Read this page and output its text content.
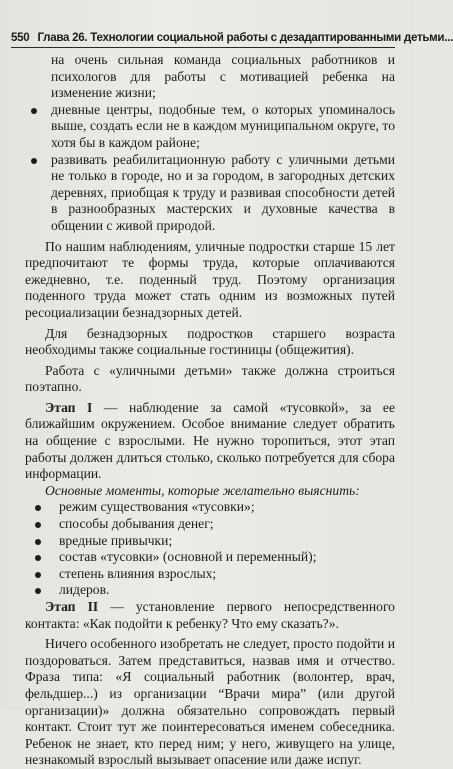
550 Глава 26. Технологии социальной работы с дезадаптированными детьми...
на очень сильная команда социальных работников и психологов для работы с мотивацией ребенка на изменение жизни;
дневные центры, подобные тем, о которых упоминалось выше, создать если не в каждом муниципальном округе, то хотя бы в каждом районе;
развивать реабилитационную работу с уличными детьми не только в городе, но и за городом, в загородных детских деревнях, приобщая к труду и развивая способности детей в разнообразных мастерских и духовные качества в общении с живой природой.

По нашим наблюдениям, уличные подростки старше 15 лет предпочитают те формы труда, которые оплачиваются ежедневно, т.е. поденный труд. Поэтому организация поденного труда может стать одним из возможных путей ресоциализации безнадзорных детей.

Для безнадзорных подростков старшего возраста необходимы также социальные гостиницы (общежития).

Работа с «уличными детьми» также должна строиться поэтапно.

Этап I — наблюдение за самой «тусовкой», за ее ближайшим окружением. Особое внимание следует обратить на общение с взрослыми. Не нужно торопиться, этот этап работы должен длиться столько, сколько потребуется для сбора информации.

Основные моменты, которые желательно выяснить:

режим существования «тусовки»;
способы добывания денег;
вредные привычки;
состав «тусовки» (основной и переменный);
степень влияния взрослых;
лидеров.

Этап II — установление первого непосредственного контакта: «Как подойти к ребенку? Что ему сказать?».

Ничего особенного изобретать не следует, просто подойти и поздороваться. Затем представиться, назвав имя и отчество. Фраза типа: «Я социальный работник (волонтер, врач, фельдшер...) из организации “Врачи мира” (или другой организации)» должна обязательно сопровождать первый контакт. Стоит тут же поинтересоваться именем собеседника. Ребенок не знает, кто перед ним; у него, живущего на улице, незнакомый взрослый вызывает опасение или даже испуг.
